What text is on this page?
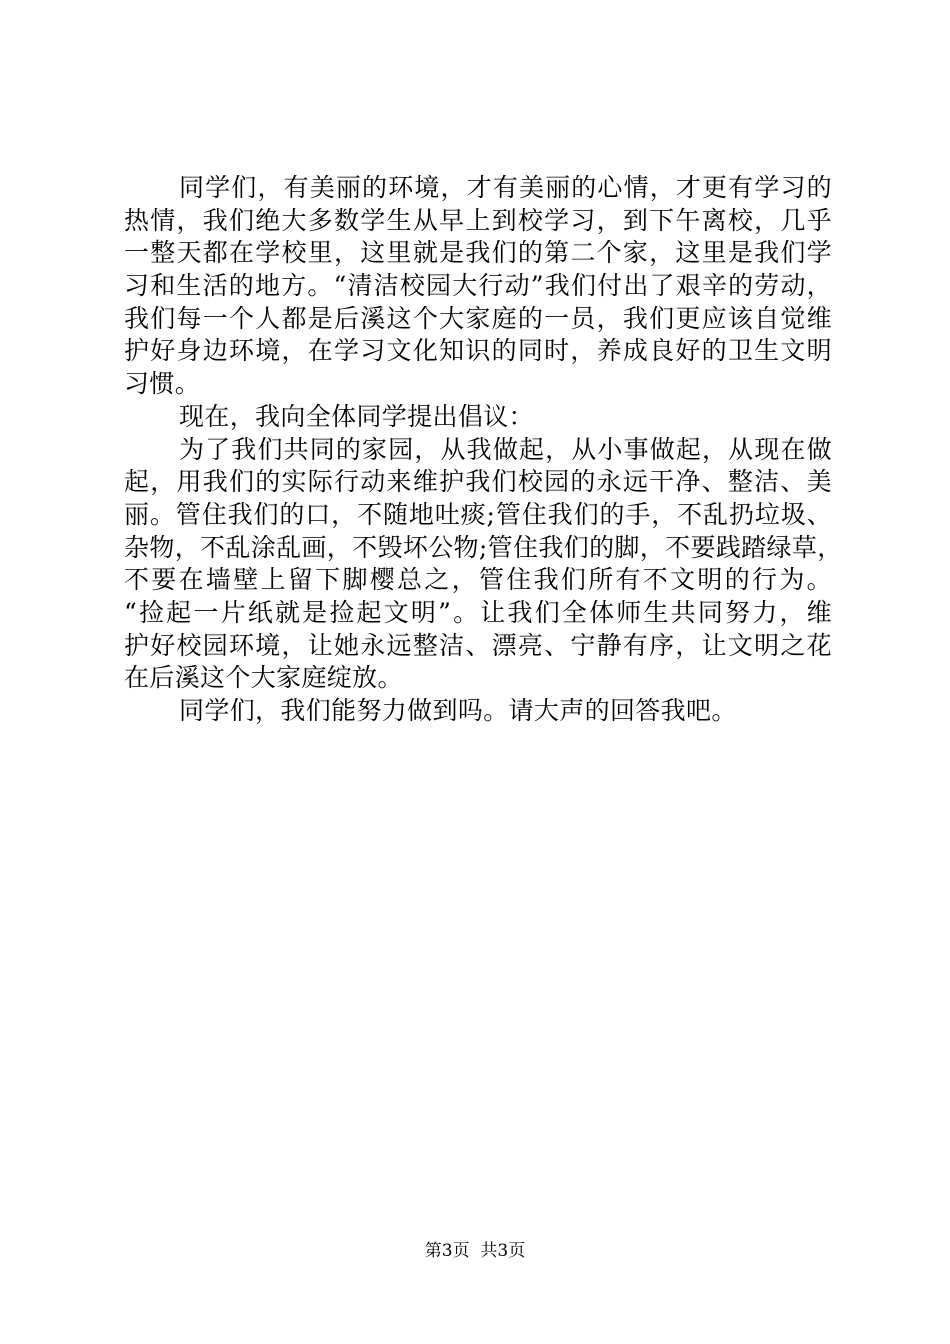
同学们，有美丽的环境，才有美丽的心情，才更有学习的
热情，我们绝大多数学生从早上到校学习，到下午离校，几乎
一整天都在学校里，这里就是我们的第二个家，这里是我们学
习和生活的地方。“清洁校园大行动”我们付出了艰辛的劳动，
我们每一个人都是后溪这个大家庭的一员，我们更应该自觉维
护好身边环境，在学习文化知识的同时，养成良好的卫生文明
习惯。
现在，我向全体同学提出倡议：
为了我们共同的家园，从我做起，从小事做起，从现在做
起，用我们的实际行动来维护我们校园的永远干净、整洁、美
丽。管住我们的口，不随地吐痰;管住我们的手，不乱扔垃圾、
杂物，不乱涂乱画，不毁坏公物;管住我们的脚，不要践踏绿草，
不要在墙壁上留下脚樱总之，管住我们所有不文明的行为。
“捡起一片纸就是捡起文明”。让我们全体师生共同努力，维
护好校园环境，让她永远整洁、漂亮、宁静有序，让文明之花
在后溪这个大家庭绽放。
同学们，我们能努力做到吗。请大声的回答我吧。
第3页  共3页
